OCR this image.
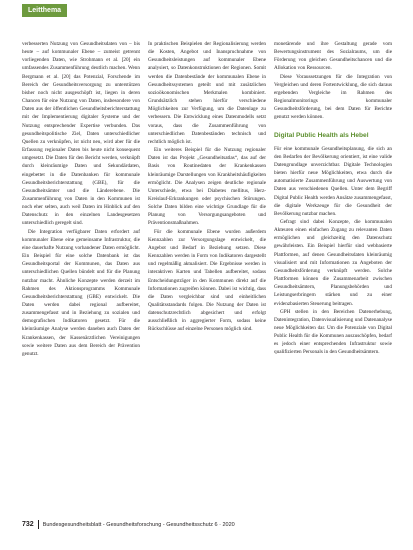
Leitthema

verbesserten Nutzung von Gesundheitsdaten von – bis heute – auf kommunaler Ebene – zumeist getrennt vorliegenden Daten, wie Strohmann et al. [20] ein umfassendes Zusammenführung deutlich machen. Wenn Bergmann et al. [20] das Potenzial, Forschende im Bereich der Gesundheitsversorgung zu unterstützen bisher noch nicht ausgeschöpft ist, liegen in deren Chancen für eine Nutzung von Daten, insbesondere von Daten aus der öffentlichen Gesundheitsberichterstattung mit der Implementierung digitaler Systeme und der Nutzung entsprechender Expertise verbunden. Das gesundheitspolitische Ziel, Daten unterschiedlicher Quellen zu verknüpfen, ist nicht neu, wird aber für die Erfassung regionaler Daten bis heute nicht konsequent umgesetzt. Die Daten für den Bericht werden, verknüpft durch kleinräumige Daten und Sekundärdaten, eingebettet in die Datenbanken für kommunale Gesundheitsberichterstattung (GBE), für die Gesundheitsämter und die Länderebene. Die Zusammenführung von Daten in den Kommunen ist noch eher selten, auch weil Daten im Hinblick auf den Datenschutz in den einzelnen Landesgesetzen unterschiedlich geregelt sind.

Die Integration verfügbarer Daten erfordert auf kommunaler Ebene eine gemeinsame Infrastruktur, die eine dauerhafte Nutzung vorhandener Daten ermöglicht. Ein Beispiel für eine solche Datenbank ist das Gesundheitsportal der Kommunen, das Daten aus unterschiedlichen Quellen bündelt und für die Planung nutzbar macht. Ähnliche Konzepte werden derzeit im Rahmen des Aktionsprogramms Kommunale Gesundheitsberichterstattung (GBE) entwickelt. Die Daten werden dabei regional aufbereitet, zusammengefasst und in Beziehung zu sozialen und demografischen Indikatoren gesetzt. Für die kleinräumige Analyse werden daneben auch Daten der Krankenkassen, der Kassenärztlichen Vereinigungen sowie weitere Daten aus dem Bereich der Prävention genutzt.

In praktischen Beispielen der Regionalisierung werden die Kosten, Angebot und Inanspruchnahme von Gesundheitsleistungen auf kommunaler Ebene analysiert, so Datenkonstruktionen der Regionen. Somit werden die Datenbestände der kommunalen Ebene in Gesundheitssystemen geteilt und mit zusätzlichen sozioökonomischen Merkmalen kombiniert. Grundsätzlich stehen hierfür verschiedene Möglichkeiten zur Verfügung, um die Datenlage zu verbessern. Die Entwicklung eines Datenmodells setzt voraus, dass die Zusammenführung von unterschiedlichen Datenbeständen technisch und rechtlich möglich ist.

Ein weiteres Beispiel für die Nutzung regionaler Daten ist das Projekt „Gesundheitsatlas“, das auf der Basis von Routinedaten der Krankenkassen kleinräumige Darstellungen von Krankheitshäufigkeiten ermöglicht. Die Analysen zeigen deutliche regionale Unterschiede, etwa bei Diabetes mellitus, Herz-Kreislauf-Erkrankungen oder psychischen Störungen. Solche Daten bilden eine wichtige Grundlage für die Planung von Versorgungsangeboten und Präventionsmaßnahmen.

Für die kommunale Ebene wurden außerdem Kennzahlen zur Versorgungslage entwickelt, die Angebot und Bedarf in Beziehung setzen. Diese Kennzahlen werden in Form von Indikatoren dargestellt und regelmäßig aktualisiert. Die Ergebnisse werden in interaktiven Karten und Tabellen aufbereitet, sodass Entscheidungsträger in den Kommunen direkt auf die Informationen zugreifen können. Dabei ist wichtig, dass die Daten vergleichbar sind und einheitlichen Qualitätsstandards folgen. Die Nutzung der Daten ist datenschutzrechtlich abgesichert und erfolgt ausschließlich in aggregierter Form, sodass keine Rückschlüsse auf einzelne Personen möglich sind.

monetärende und ihre Gestaltung gerade vom Bewertungsinstrument des Sozialraums, um die Förderung von gleichen Gesundheitschancen und die Allokation von Ressourcen.

Diese Voraussetzungen für die Integration von Vergleichen und deren Fortentwicklung, die sich daraus ergebenden Vergleiche im Rahmen des Regionalmonitorings kommunaler Gesundheitsförderung, bei dem Daten für Berichte genutzt werden können.

Digital Public Health als Hebel

Für eine kommunale Gesundheitsplanung, die sich an den Bedarfen der Bevölkerung orientiert, ist eine valide Datengrundlage unverzichtbar. Digitale Technologien bieten hierfür neue Möglichkeiten, etwa durch die automatisierte Zusammenführung und Auswertung von Daten aus verschiedenen Quellen. Unter dem Begriff Digital Public Health werden Ansätze zusammengefasst, die digitale Werkzeuge für die Gesundheit der Bevölkerung nutzbar machen.

Gefragt sind dabei Konzepte, die kommunalen Akteuren einen einfachen Zugang zu relevanten Daten ermöglichen und gleichzeitig den Datenschutz gewährleisten. Ein Beispiel hierfür sind webbasierte Plattformen, auf denen Gesundheitsdaten kleinräumig visualisiert und mit Informationen zu Angeboten der Gesundheitsförderung verknüpft werden. Solche Plattformen können die Zusammenarbeit zwischen Gesundheitsämtern, Planungsbehörden und Leistungserbringern stärken und zu einer evidenzbasierten Steuerung beitragen.

GPH stellen in den Bereichen Datenerhebung, Datenintegration, Datenvisualisierung und Datenanalyse neue Möglichkeiten dar. Um die Potenziale von Digital Public Health für die Kommunen auszuschöpfen, bedarf es jedoch einer entsprechenden Infrastruktur sowie qualifizierten Personals in den Gesundheitsämtern.

732 Bundesgesundheitsblatt - Gesundheitsforschung - Gesundheitsschutz 6 · 2020
